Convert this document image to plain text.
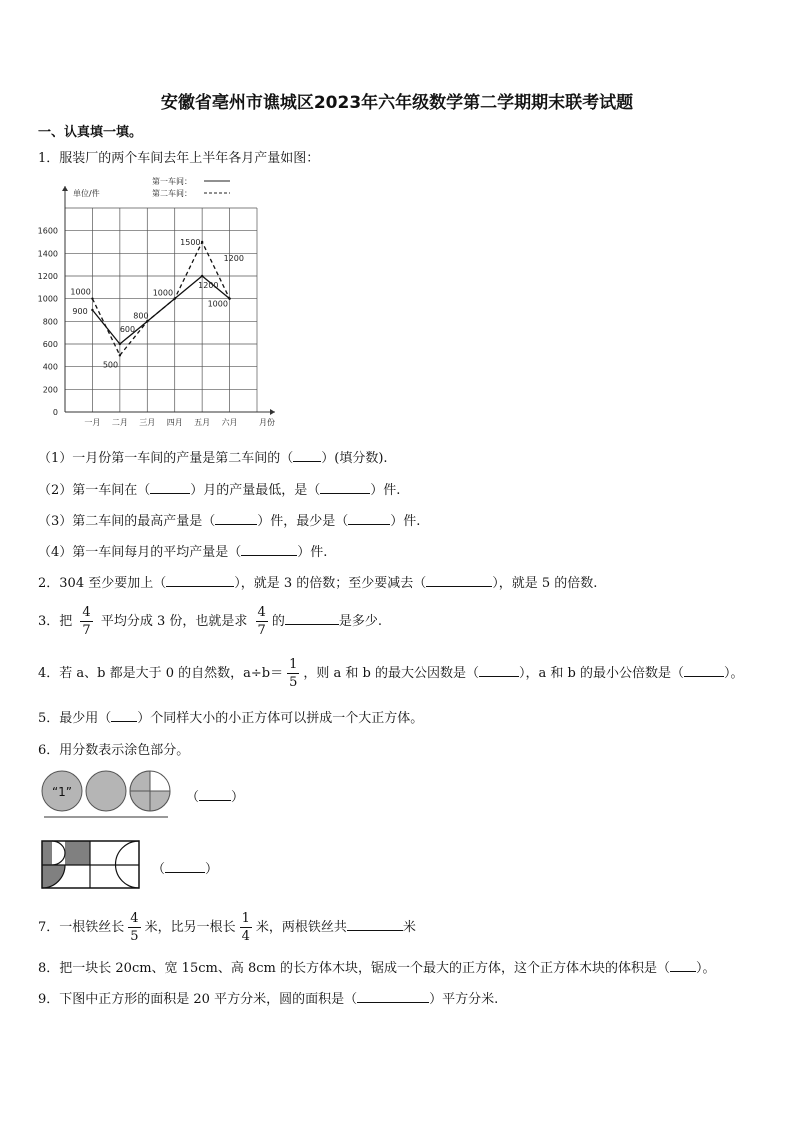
安徽省亳州市谯城区2023年六年级数学第二学期期末联考试题
一、认真填一填。
1．服装厂的两个车间去年上半年各月产量如图：
0
200
400
600
800
1000
1200
1400
1600
一月 二月 三月 四月 五月 六月	月份
单位/件
第一车间：
第二车间：
1000
900
600
500
800
1000
1500
1200
1200
1000
（1）一月份第一车间的产量是第二车间的（ ）(填分数).
（2）第一车间在（	）月的产量最低，是（	）件.
（3）第二车间的最高产量是（	）件，最少是（	）件.
（4）第一车间每月的平均产量是（	）件.
2．304 至少要加上（	），就是 3 的倍数；至少要减去（	），就是 5 的倍数.
3．把 $\frac{4}{7}$ 平均分成 3 份，也就是求 $\frac{4}{7}$ 的	是多少.
4．若 a、b 都是大于 0 的自然数，$a\div b= \frac{1}{5}$ ，则 a 和 b 的最大公因数是（	），a 和 b 的最小公倍数是（	）。
5．最少用（ ）个同样大小的小正方体可以拼成一个大正方体。
6．用分数表示涂色部分。
“1”	（ ）
（	）
7．一根铁丝长 $\frac{4}{5}$ 米，比另一根长 $\frac{1}{4}$ 米，两根铁丝共	米
8．把一块长 20cm、宽 15cm、高 8cm 的长方体木块，锯成一个最大的正方体，这个正方体木块的体积是（ ）。
9．下图中正方形的面积是 20 平方分米，圆的面积是（	）平方分米.
